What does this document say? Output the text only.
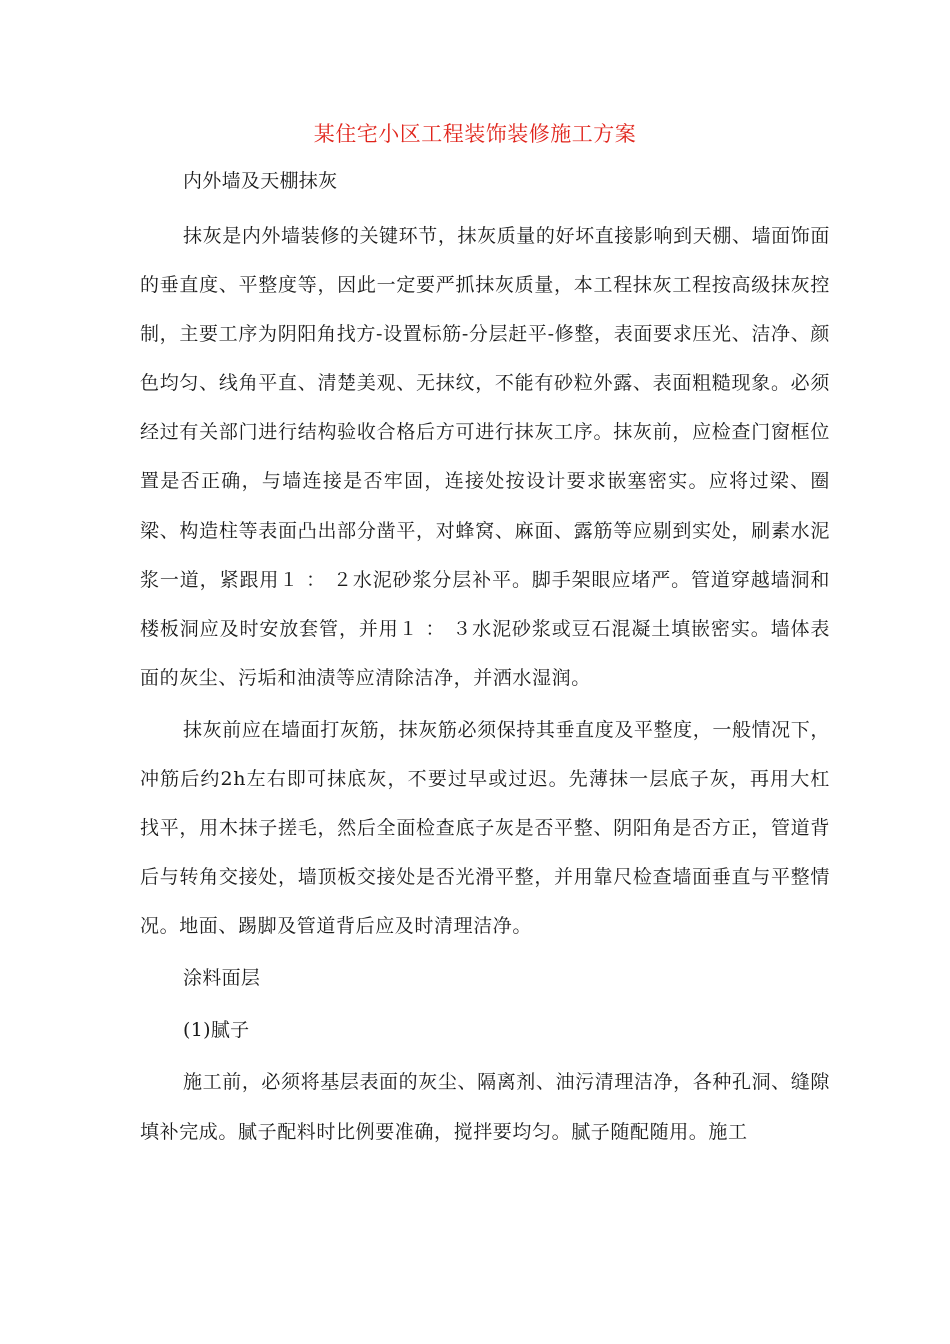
某住宅小区工程装饰装修施工方案

内外墙及天棚抹灰

抹灰是内外墙装修的关键环节，抹灰质量的好坏直接影响到天棚、墙面饰面的垂直度、平整度等，因此一定要严抓抹灰质量，本工程抹灰工程按高级抹灰控制，主要工序为阴阳角找方-设置标筋-分层赶平-修整，表面要求压光、洁净、颜色均匀、线角平直、清楚美观、无抹纹，不能有砂粒外露、表面粗糙现象。必须经过有关部门进行结构验收合格后方可进行抹灰工序。抹灰前，应检查门窗框位置是否正确，与墙连接是否牢固，连接处按设计要求嵌塞密实。应将过梁、圈梁、构造柱等表面凸出部分凿平，对蜂窝、麻面、露筋等应剔到实处，刷素水泥浆一道，紧跟用１ ： ２水泥砂浆分层补平。脚手架眼应堵严。管道穿越墙洞和楼板洞应及时安放套管，并用１ ： ３水泥砂浆或豆石混凝土填嵌密实。墙体表面的灰尘、污垢和油渍等应清除洁净，并洒水湿润。

抹灰前应在墙面打灰筋，抹灰筋必须保持其垂直度及平整度，一般情况下，冲筋后约2h左右即可抹底灰，不要过早或过迟。先薄抹一层底子灰，再用大杠找平，用木抹子搓毛，然后全面检查底子灰是否平整、阴阳角是否方正，管道背后与转角交接处，墙顶板交接处是否光滑平整，并用靠尺检查墙面垂直与平整情况。地面、踢脚及管道背后应及时清理洁净。

涂料面层

(1)腻子

施工前，必须将基层表面的灰尘、隔离剂、油污清理洁净，各种孔洞、缝隙填补完成。腻子配料时比例要准确，搅拌要均匀。腻子随配随用。施工
